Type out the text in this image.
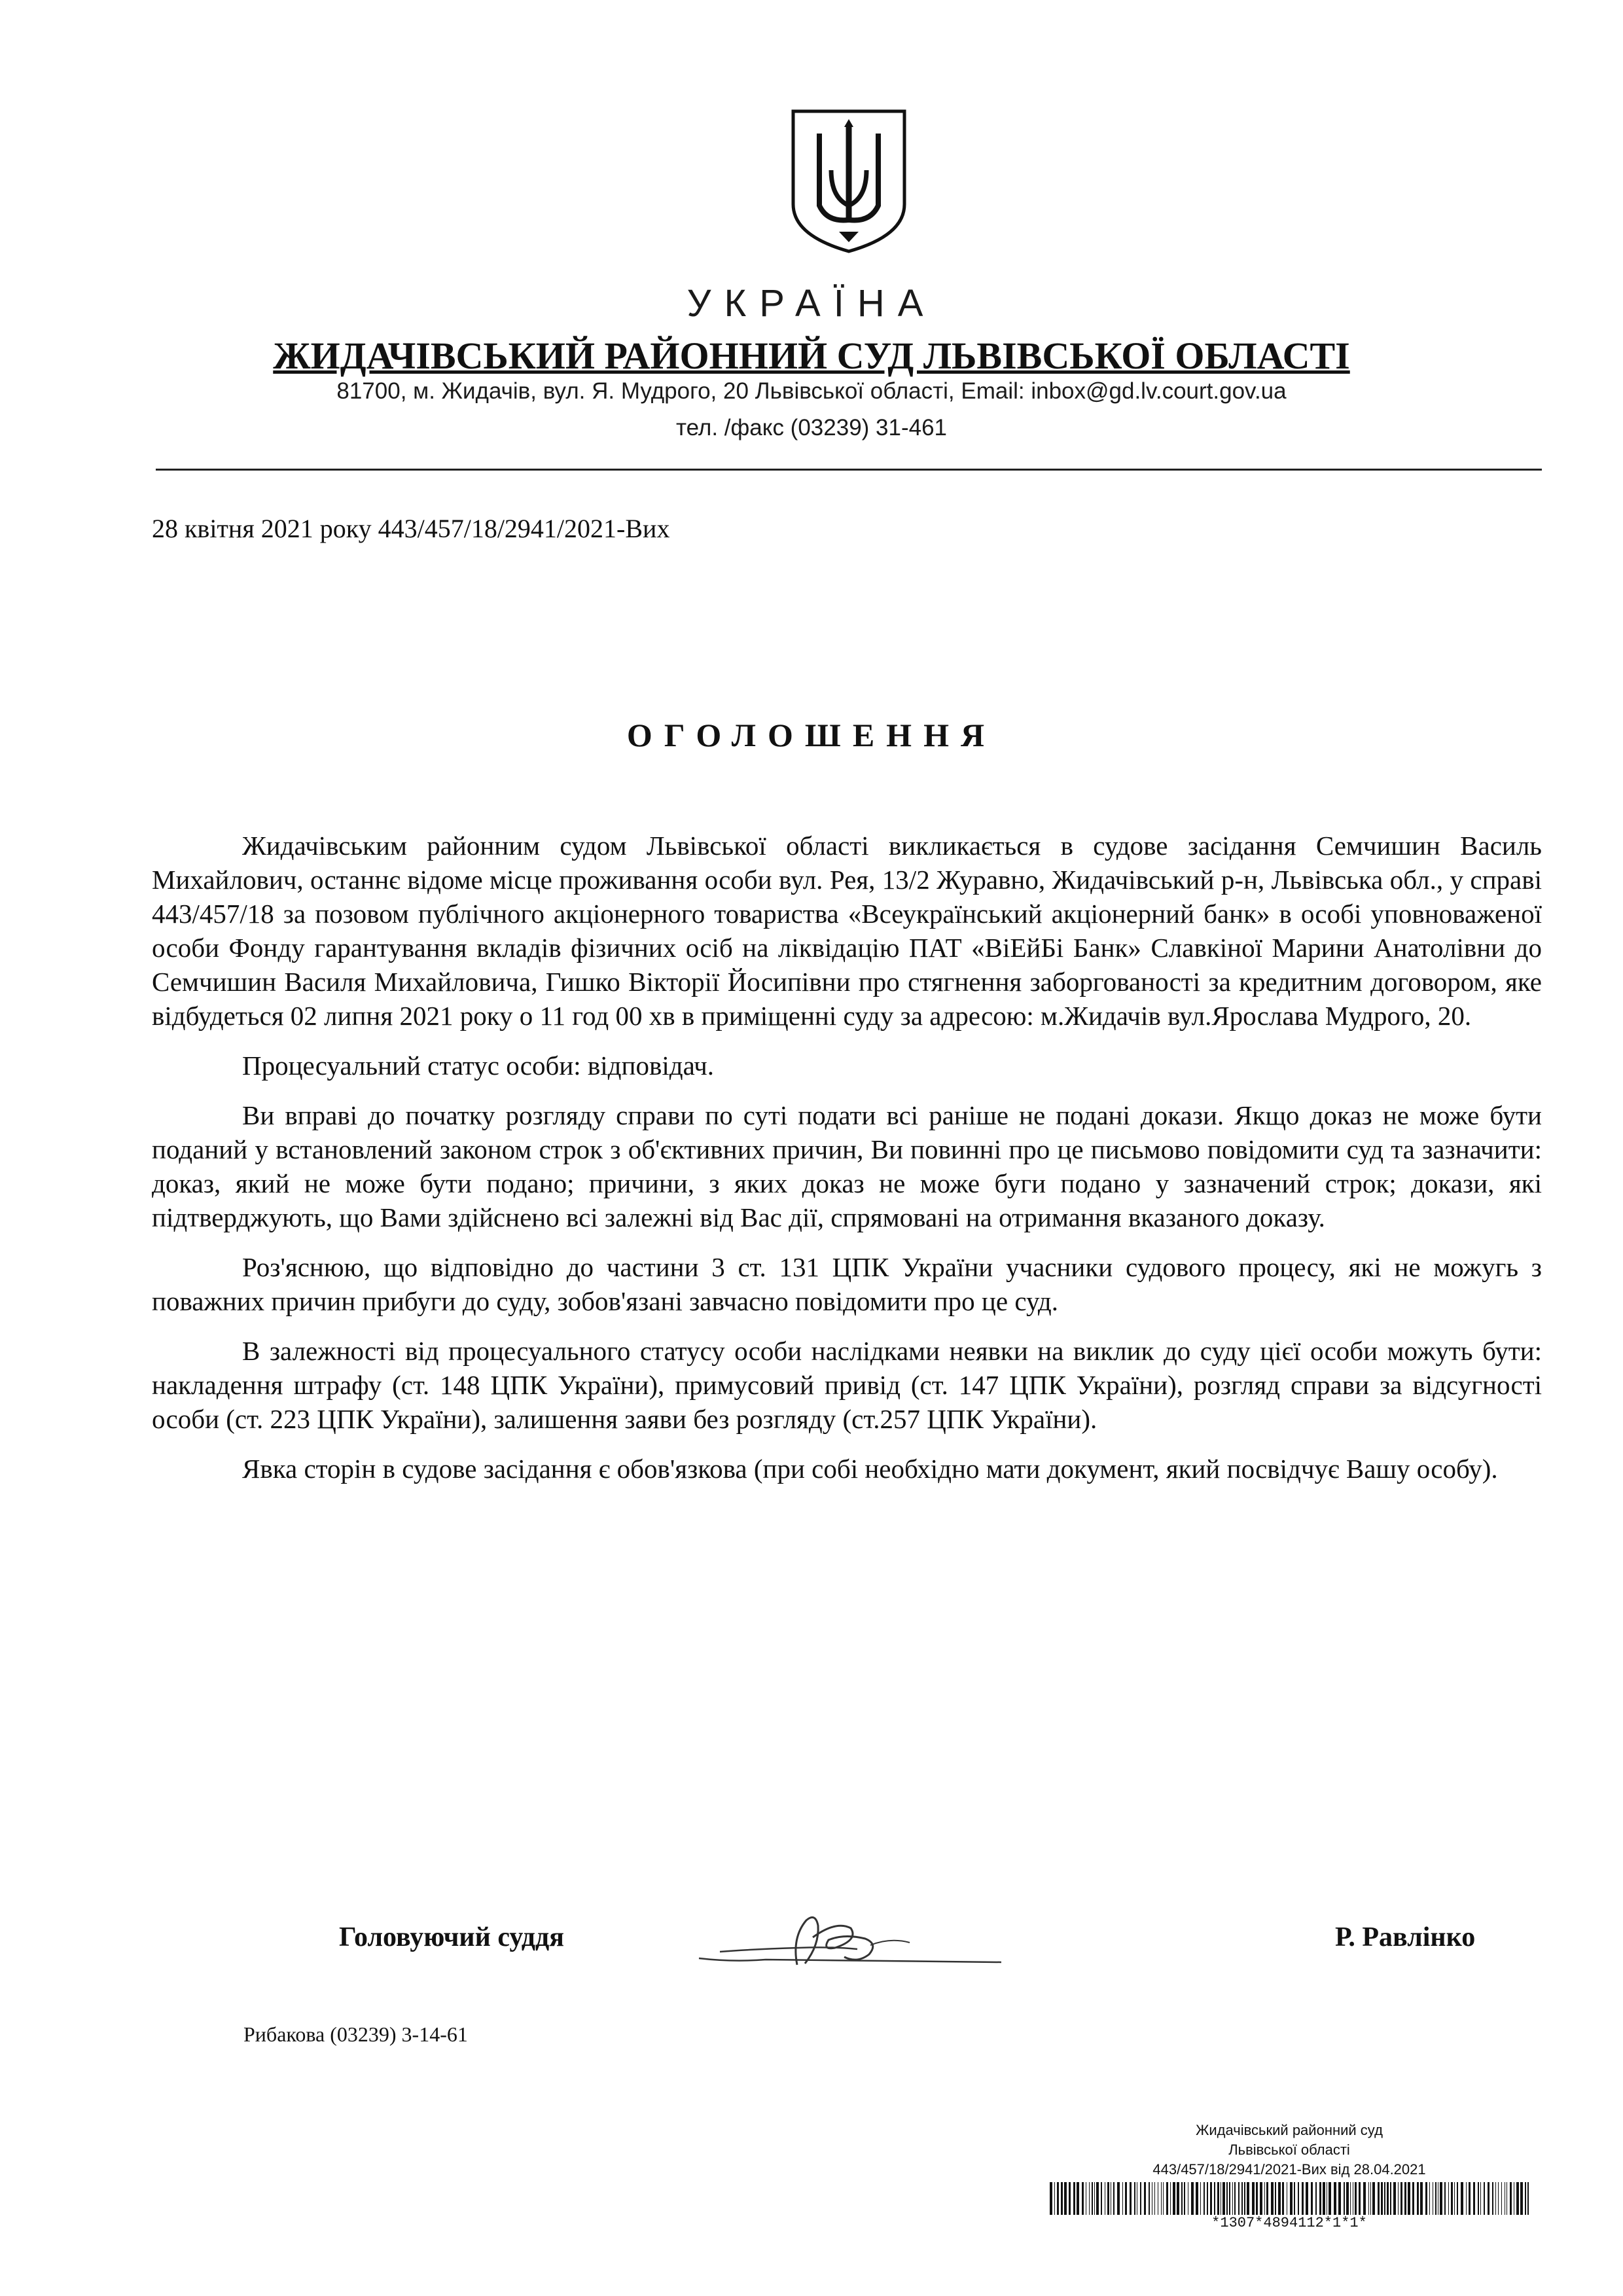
УКРАЇНА
ЖИДАЧІВСЬКИЙ РАЙОННИЙ СУД ЛЬВІВСЬКОЇ ОБЛАСТІ
81700, м. Жидачів, вул. Я. Мудрого, 20 Львівської області, Email: inbox@gd.lv.court.gov.ua
тел. /факс (03239) 31-461
28 квітня 2021 року 443/457/18/2941/2021-Вих
ОГОЛОШЕННЯ

Жидачівським районним судом Львівської області викликається в судове засідання Семчишин Василь Михайлович, останнє відоме місце проживання особи вул. Рея, 13/2 Журавно, Жидачівський р-н, Львівська обл., у справі 443/457/18 за позовом публічного акціонерного товариства «Всеукраїнський акціонерний банк» в особі уповноваженої особи Фонду гарантування вкладів фізичних осіб на ліквідацію ПАТ «ВіЕйБі Банк» Славкіної Марини Анатолівни до Семчишин Василя Михайловича, Гишко Вікторії Йосипівни про стягнення заборгованості за кредитним договором, яке відбудеться 02 липня 2021 року о 11 год 00 хв в приміщенні суду за адресою: м.Жидачів вул.Ярослава Мудрого, 20.

Процесуальний статус особи: відповідач.

Ви вправі до початку розгляду справи по суті подати всі раніше не подані докази. Якщо доказ не може бути поданий у встановлений законом строк з об'єктивних причин, Ви повинні про це письмово повідомити суд та зазначити: доказ, який не може бути подано; причини, з яких доказ не може буги подано у зазначений строк; докази, які підтверджують, що Вами здійснено всі залежні від Вас дії, спрямовані на отримання вказаного доказу.

Роз'яснюю, що відповідно до частини 3 ст. 131 ЦПК України учасники судового процесу, які не можугь з поважних причин прибуги до суду, зобов'язані завчасно повідомити про це суд.

В залежності від процесуального статусу особи наслідками неявки на виклик до суду цієї особи можуть бути: накладення штрафу (ст. 148 ЦПК України), примусовий привід (ст. 147 ЦПК України), розгляд справи за відсугності особи (ст. 223 ЦПК України), залишення заяви без розгляду (ст.257 ЦПК України).

Явка сторін в судове засідання є обов'язкова (при собі необхідно мати документ, який посвідчує Вашу особу).

Головуючий суддя	Р. Равлінко
Рибакова (03239) 3-14-61
Жидачівський районний суд
Львівської області
443/457/18/2941/2021-Вих від 28.04.2021
*1307*4894112*1*1*
